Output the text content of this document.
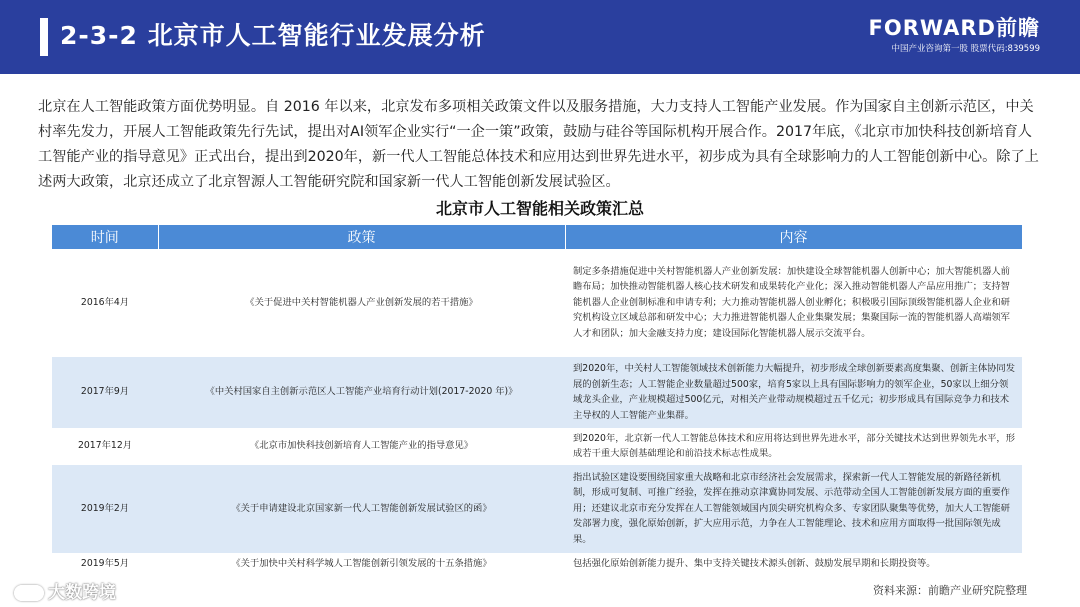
2-3-2 北京市人工智能行业发展分析	FORWARD前瞻
中国产业咨询第一股 股票代码:839599
北京在人工智能政策方面优势明显。自 2016 年以来，北京发布多项相关政策文件以及服务措施，大力支持人工智能产业发展。作为国家自主创新示范区，中关村率先发力，开展人工智能政策先行先试，提出对AI领军企业实行“一企一策”政策，鼓励与硅谷等国际机构开展合作。2017年底，《北京市加快科技创新培育人工智能产业的指导意见》正式出台，提出到2020年，新一代人工智能总体技术和应用达到世界先进水平，初步成为具有全球影响力的人工智能创新中心。除了上述两大政策，北京还成立了北京智源人工智能研究院和国家新一代人工智能创新发展试验区。
北京市人工智能相关政策汇总
时间	政策	内容
2016年4月	《关于促进中关村智能机器人产业创新发展的若干措施》	制定多条措施促进中关村智能机器人产业创新发展：加快建设全球智能机器人创新中心；加大智能机器人前瞻布局；加快推动智能机器人核心技术研发和成果转化产业化；深入推动智能机器人产品应用推广；支持智能机器人企业创制标准和申请专利；大力推动智能机器人创业孵化；积极吸引国际顶级智能机器人企业和研究机构设立区域总部和研发中心；大力推进智能机器人企业集聚发展；集聚国际一流的智能机器人高端领军人才和团队；加大金融支持力度；建设国际化智能机器人展示交流平台。
2017年9月	《中关村国家自主创新示范区人工智能产业培育行动计划(2017-2020 年)》	到2020年，中关村人工智能领域技术创新能力大幅提升，初步形成全球创新要素高度集聚、创新主体协同发展的创新生态；人工智能企业数量超过500家，培育5家以上具有国际影响力的领军企业，50家以上细分领域龙头企业，产业规模超过500亿元，对相关产业带动规模超过五千亿元；初步形成具有国际竞争力和技术主导权的人工智能产业集群。
2017年12月	《北京市加快科技创新培育人工智能产业的指导意见》	到2020年，北京新一代人工智能总体技术和应用将达到世界先进水平，部分关键技术达到世界领先水平，形成若干重大原创基础理论和前沿技术标志性成果。
2019年2月	《关于申请建设北京国家新一代人工智能创新发展试验区的函》	指出试验区建设要围绕国家重大战略和北京市经济社会发展需求，探索新一代人工智能发展的新路径新机制，形成可复制、可推广经验，发挥在推动京津冀协同发展、示范带动全国人工智能创新发展方面的重要作用；还建议北京市充分发挥在人工智能领域国内顶尖研究机构众多、专家团队聚集等优势，加大人工智能研发部署力度，强化原始创新，扩大应用示范，力争在人工智能理论、技术和应用方面取得一批国际领先成果。
2019年5月	《关于加快中关村科学城人工智能创新引领发展的十五条措施》	包括强化原始创新能力提升、集中支持关键技术源头创新、鼓励发展早期和长期投资等。
资料来源：前瞻产业研究院整理
大数跨境
